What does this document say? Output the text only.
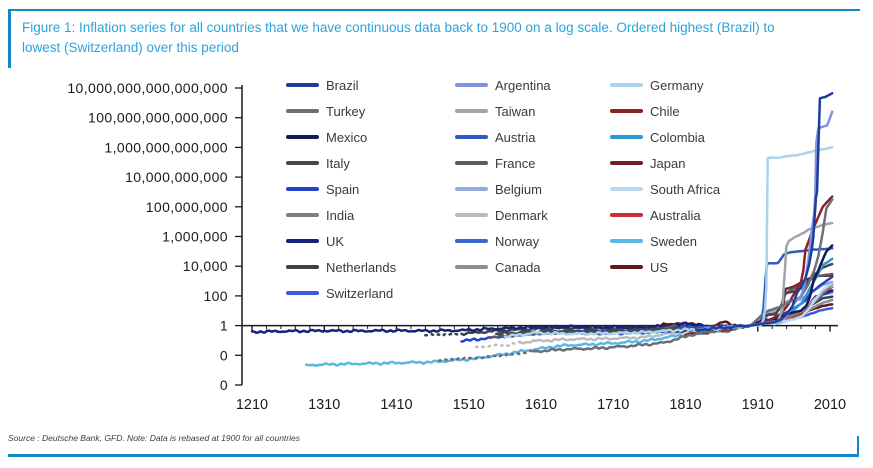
Figure 1: Inflation series for all countries that we have continuous data back to 1900 on a log scale. Ordered highest (Brazil) to lowest (Switzerland) over this period
10,000,000,000,000,000
100,000,000,000,000
1,000,000,000,000
10,000,000,000
100,000,000
1,000,000
10,000
100
1
0
0
1210	1310	1410	1510	1610	1710	1810	1910	2010
Brazil	Argentina	Germany
Turkey	Taiwan	Chile
Mexico	Austria	Colombia
Italy	France	Japan
Spain	Belgium	South Africa
India	Denmark	Australia
UK	Norway	Sweden
Netherlands	Canada	US
Switzerland
Source : Deutsche Bank, GFD. Note: Data is rebased at 1900 for all countries
